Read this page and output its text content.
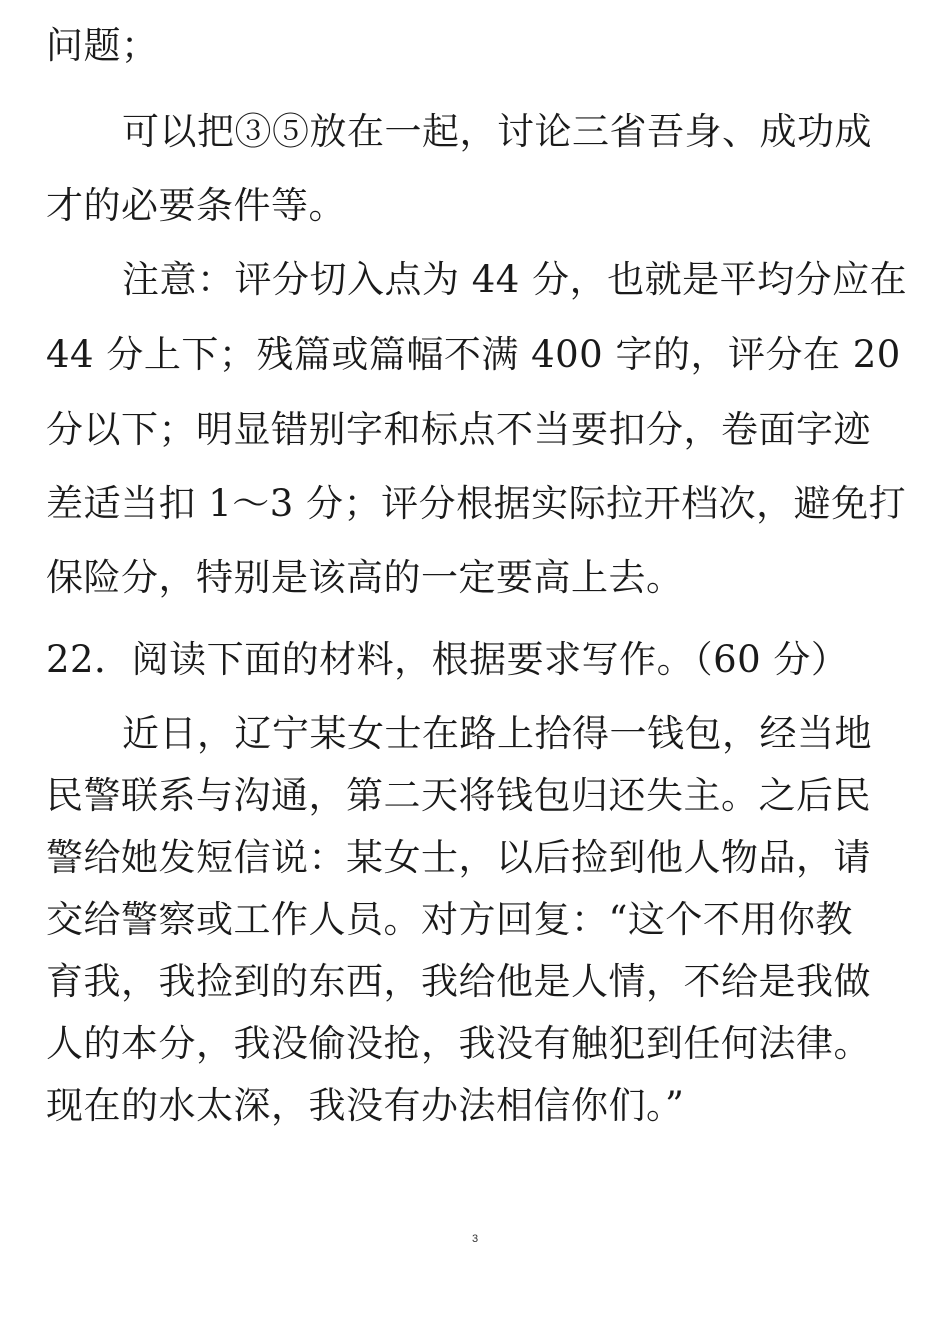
问题；
可以把③⑤放在一起，讨论三省吾身、成功成
才的必要条件等。
注意：评分切入点为 44 分，也就是平均分应在
44 分上下；残篇或篇幅不满 400 字的，评分在 20
分以下；明显错别字和标点不当要扣分，卷面字迹
差适当扣 1～3 分；评分根据实际拉开档次，避免打
保险分，特别是该高的一定要高上去。
22．阅读下面的材料，根据要求写作。（60 分）
近日，辽宁某女士在路上拾得一钱包，经当地
民警联系与沟通，第二天将钱包归还失主。之后民
警给她发短信说：某女士，以后捡到他人物品，请
交给警察或工作人员。对方回复：“这个不用你教
育我，我捡到的东西，我给他是人情，不给是我做
人的本分，我没偷没抢，我没有触犯到任何法律。
现在的水太深，我没有办法相信你们。”
3
